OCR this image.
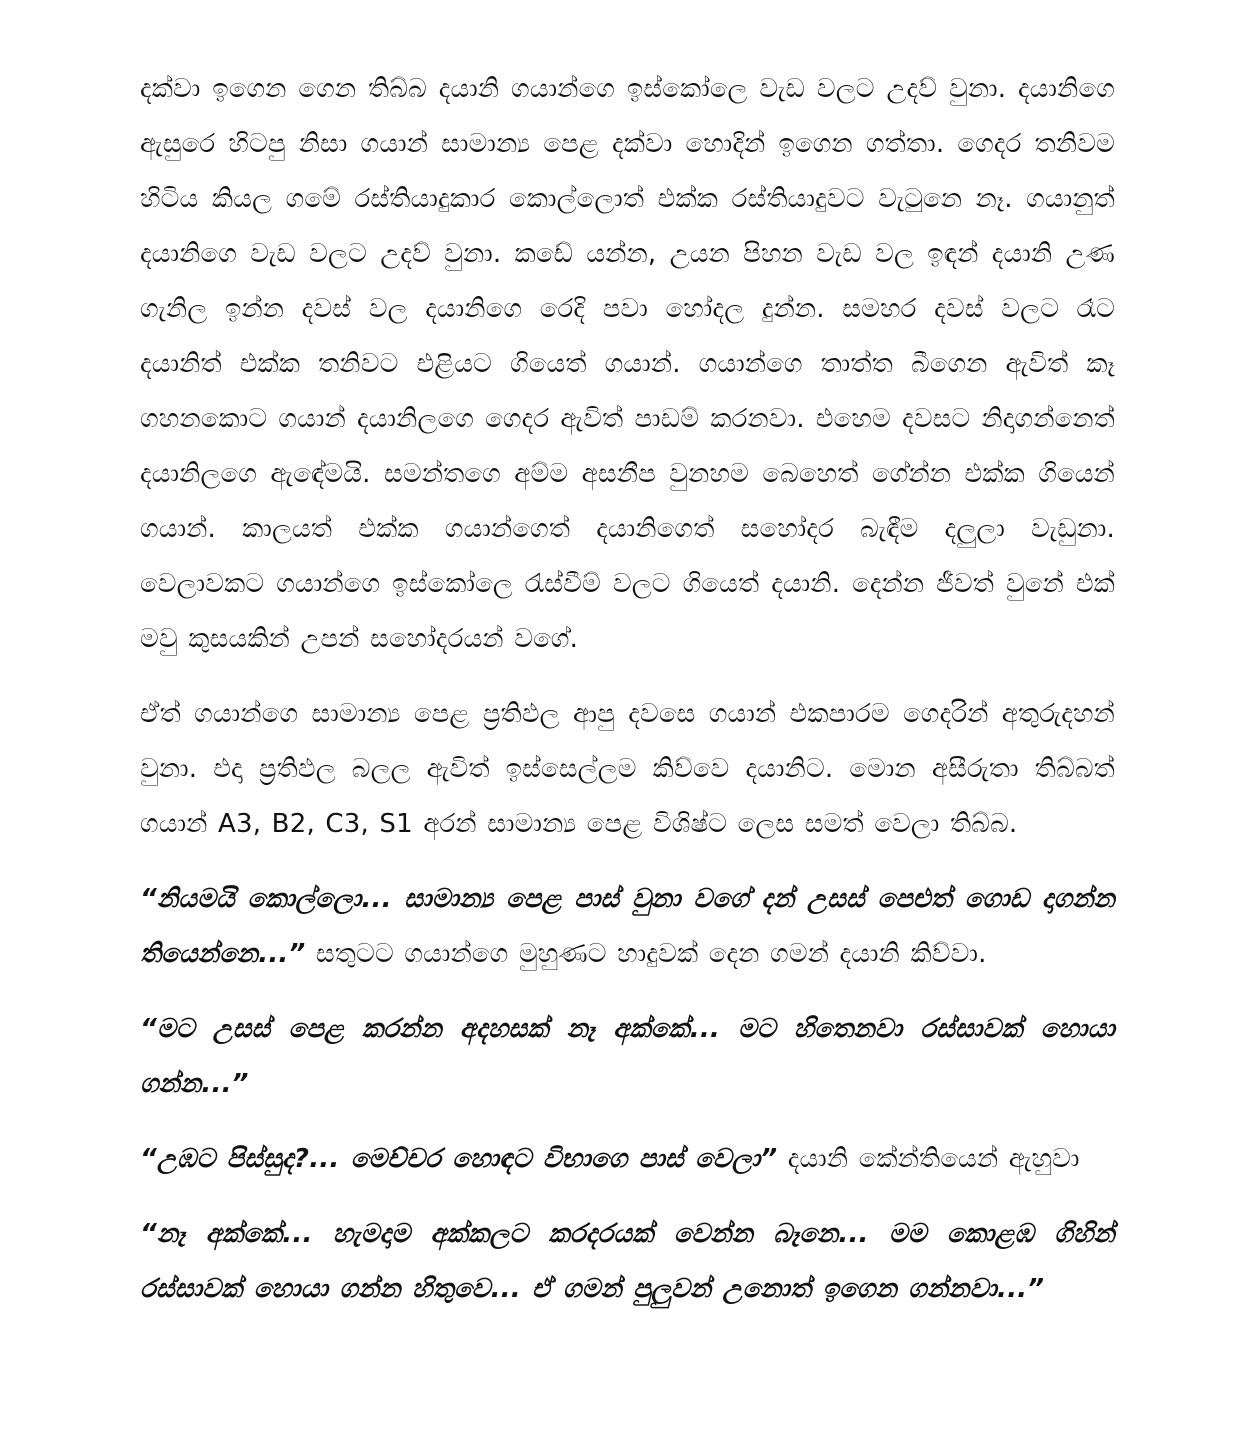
දක්වා ඉගෙන ගෙන තිබ්බ දයානි ගයාන්ගෙ ඉස්කෝලෙ වැඩ වලට උදව් වුනා. දයානිගෙ ඇසුරෙ හිටපු නිසා ගයාන් සාමාන්‍ය පෙළ දක්වා හොදින් ඉගෙන ගත්තා. ගෙදර තනිවම හිටිය කියල ගමේ රස්තියාදුකාර කොල්ලොත් එක්ක රස්තියාදුවට වැටුනෙ නෑ. ගයානුත් දයානිගෙ වැඩ වලට උදව් වුනා. කඩේ යන්න, උයන පිහන වැඩ වල ඉඳන් දයානි උණ ගැනිල ඉන්න දවස් වල දයානිගෙ රෙදි පවා හෝදල දුන්න. සමහර දවස් වලට රෑට දයානිත් එක්ක තනිවට එළියට ගියෙත් ගයාන්. ගයාන්ගෙ තාත්ත බීගෙන ඇවිත් කෑ ගහනකොට ගයාන් දයානිලගෙ ගෙදර ඇවිත් පාඩම් කරනවා. එහෙම දවසට නිදාගන්නෙත් දයානිලගෙ ඇඳේමයි. සමන්තගෙ අම්ම අසනීප වුනහම බෙහෙත් ගේන්න එක්ක ගියෙන් ගයාන්. කාලයත් එක්ක ගයාන්ගෙත් දයානිගෙත් සහෝදර බැඳීම දලුලා වැඩුනා. වෙලාවකට ගයාන්ගෙ ඉස්කෝලෙ රැස්වීම් වලට ගියෙත් දයානි. දෙන්න ජීවත් වුනේ එක් මවු කුසයකින් උපන් සහෝදරයන් වගේ.

ඒත් ගයාන්ගෙ සාමාන්‍ය පෙළ ප්‍රතිඵල ආපු දවසෙ ගයාන් එකපාරම ගෙදරින් අතුරුදහන් වුනා. එදා ප්‍රතිඵල බලල ඇවිත් ඉස්සෙල්ලම කිව්වෙ දයානිට. මොන අසීරුතා තිබ්බත් ගයාන් A3, B2, C3, S1 අරන් සාමාන්‍ය පෙළ විශිෂ්ට ලෙස සමත් වෙලා තිබ්බ.

“නියමයි කොල්ලො... සාමාන්‍ය පෙළ පාස් වුනා වගේ දන් උසස් පෙළුත් ගොඩ දාගන්න තියෙන්නෙ...” සතුටට ගයාන්ගෙ මුහුණට හාදුවක් දෙන ගමන් දයානි කිව්වා.

“මට උසස් පෙළ කරන්න අදහසක් නෑ අක්කේ... මට හිතෙනවා රස්සාවක් හොයා ගන්න...”

“උඹට පිස්සුද?... මෙච්චර හොඳට විභාගෙ පාස් වෙලා” දයානි කේන්තියෙන් ඇහුවා

“නෑ අක්කේ... හැමදාම අක්කලට කරදරයක් වෙන්න බෑනෙ... මම කොළඹ ගිහින් රස්සාවක් හොයා ගන්න හිතුවෙ... ඒ ගමන් පුලුවන් උනොත් ඉගෙන ගන්නවා...”
